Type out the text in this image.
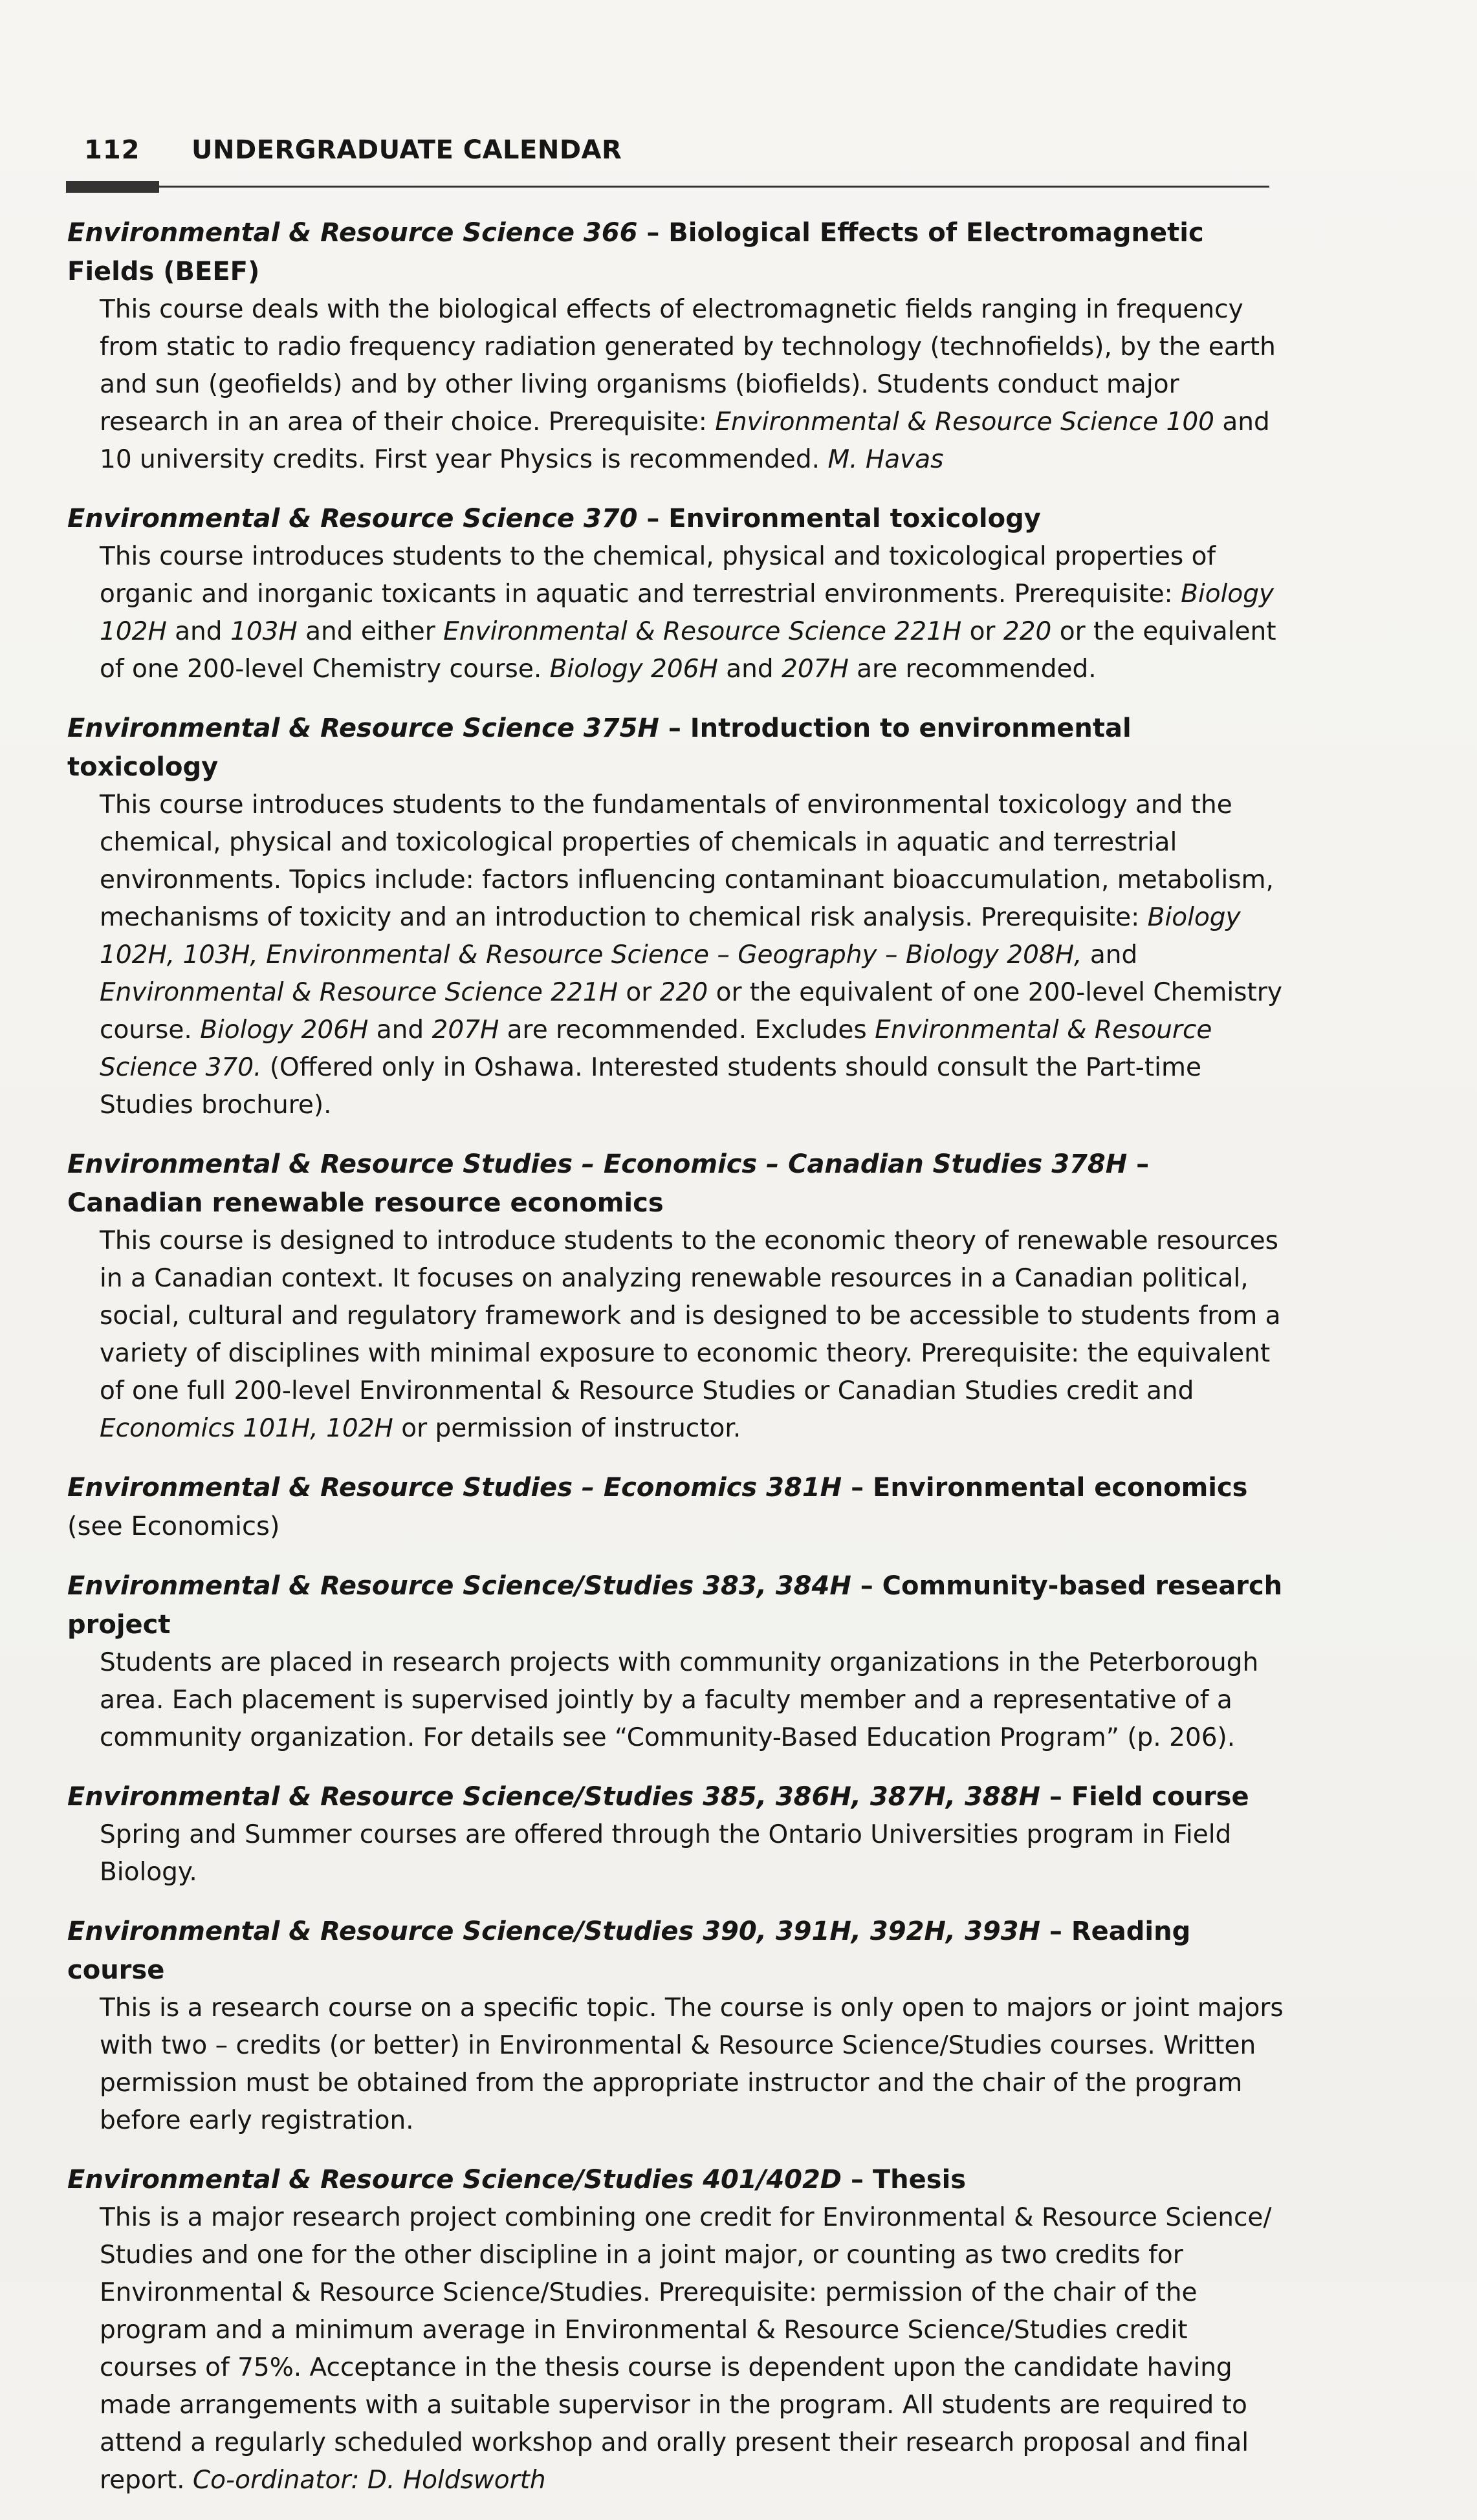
112 UNDERGRADUATE CALENDAR

Environmental & Resource Science 366 – Biological Effects of Electromagnetic Fields (BEEF)

This course deals with the biological effects of electromagnetic fields ranging in frequency from static to radio frequency radiation generated by technology (technofields), by the earth and sun (geofields) and by other living organisms (biofields). Students conduct major research in an area of their choice. Prerequisite: Environmental & Resource Science 100 and 10 university credits. First year Physics is recommended. M. Havas

Environmental & Resource Science 370 – Environmental toxicology

This course introduces students to the chemical, physical and toxicological properties of organic and inorganic toxicants in aquatic and terrestrial environments. Prerequisite: Biology 102H and 103H and either Environmental & Resource Science 221H or 220 or the equivalent of one 200-level Chemistry course. Biology 206H and 207H are recommended.

Environmental & Resource Science 375H – Introduction to environmental toxicology

This course introduces students to the fundamentals of environmental toxicology and the chemical, physical and toxicological properties of chemicals in aquatic and terrestrial environments. Topics include: factors influencing contaminant bioaccumulation, metabolism, mechanisms of toxicity and an introduction to chemical risk analysis. Prerequisite: Biology 102H, 103H, Environmental & Resource Science – Geography – Biology 208H, and Environmental & Resource Science 221H or 220 or the equivalent of one 200-level Chemistry course. Biology 206H and 207H are recommended. Excludes Environmental & Resource Science 370. (Offered only in Oshawa. Interested students should consult the Part-time Studies brochure).

Environmental & Resource Studies – Economics – Canadian Studies 378H – Canadian renewable resource economics

This course is designed to introduce students to the economic theory of renewable resources in a Canadian context. It focuses on analyzing renewable resources in a Canadian political, social, cultural and regulatory framework and is designed to be accessible to students from a variety of disciplines with minimal exposure to economic theory. Prerequisite: the equivalent of one full 200-level Environmental & Resource Studies or Canadian Studies credit and Economics 101H, 102H or permission of instructor.

Environmental & Resource Studies – Economics 381H – Environmental economics (see Economics)

Environmental & Resource Science/Studies 383, 384H – Community-based research project

Students are placed in research projects with community organizations in the Peterborough area. Each placement is supervised jointly by a faculty member and a representative of a community organization. For details see “Community-Based Education Program” (p. 206).

Environmental & Resource Science/Studies 385, 386H, 387H, 388H – Field course

Spring and Summer courses are offered through the Ontario Universities program in Field Biology.

Environmental & Resource Science/Studies 390, 391H, 392H, 393H – Reading course

This is a research course on a specific topic. The course is only open to majors or joint majors with two – credits (or better) in Environmental & Resource Science/Studies courses. Written permission must be obtained from the appropriate instructor and the chair of the program before early registration.

Environmental & Resource Science/Studies 401/402D – Thesis

This is a major research project combining one credit for Environmental & Resource Science/ Studies and one for the other discipline in a joint major, or counting as two credits for Environmental & Resource Science/Studies. Prerequisite: permission of the chair of the program and a minimum average in Environmental & Resource Science/Studies credit courses of 75%. Acceptance in the thesis course is dependent upon the candidate having made arrangements with a suitable supervisor in the program. All students are required to attend a regularly scheduled workshop and orally present their research proposal and final report. Co-ordinator: D. Holdsworth
